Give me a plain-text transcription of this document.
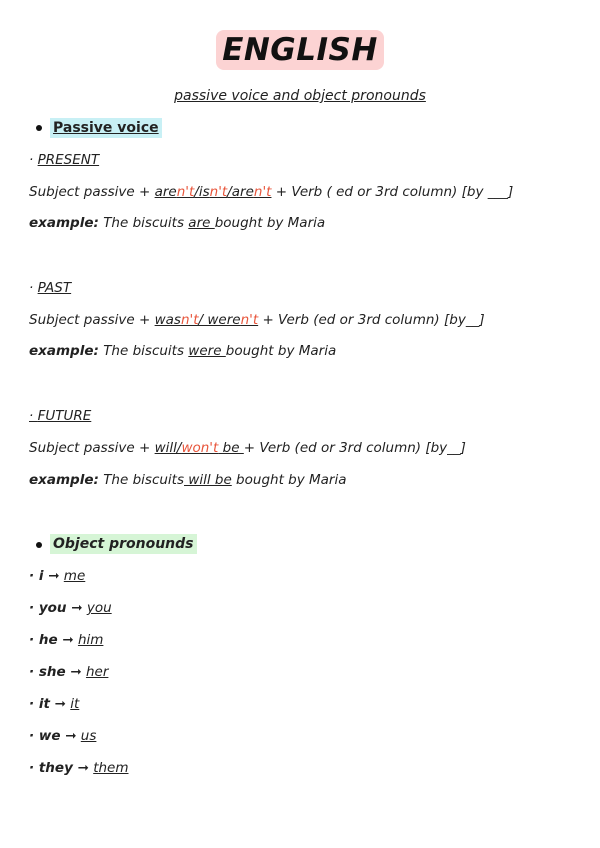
ENGLISH
passive voice and object pronounds
Passive voice
· PRESENT
Subject passive + aren't/isn't/aren't + Verb ( ed or 3rd column) [by ___]
example: The biscuits are bought by Maria
· PAST
Subject passive + wasn't/ weren't + Verb (ed or 3rd column) [by__]
example: The biscuits were bought by Maria
· FUTURE
Subject passive + will/won't be + Verb (ed or 3rd column) [by__]
example: The biscuits will be bought by Maria
Object pronounds
· i ➞ me
· you ➞ you
· he ➞ him
· she ➞ her
· it ➞ it
· we ➞ us
· they ➞ them
